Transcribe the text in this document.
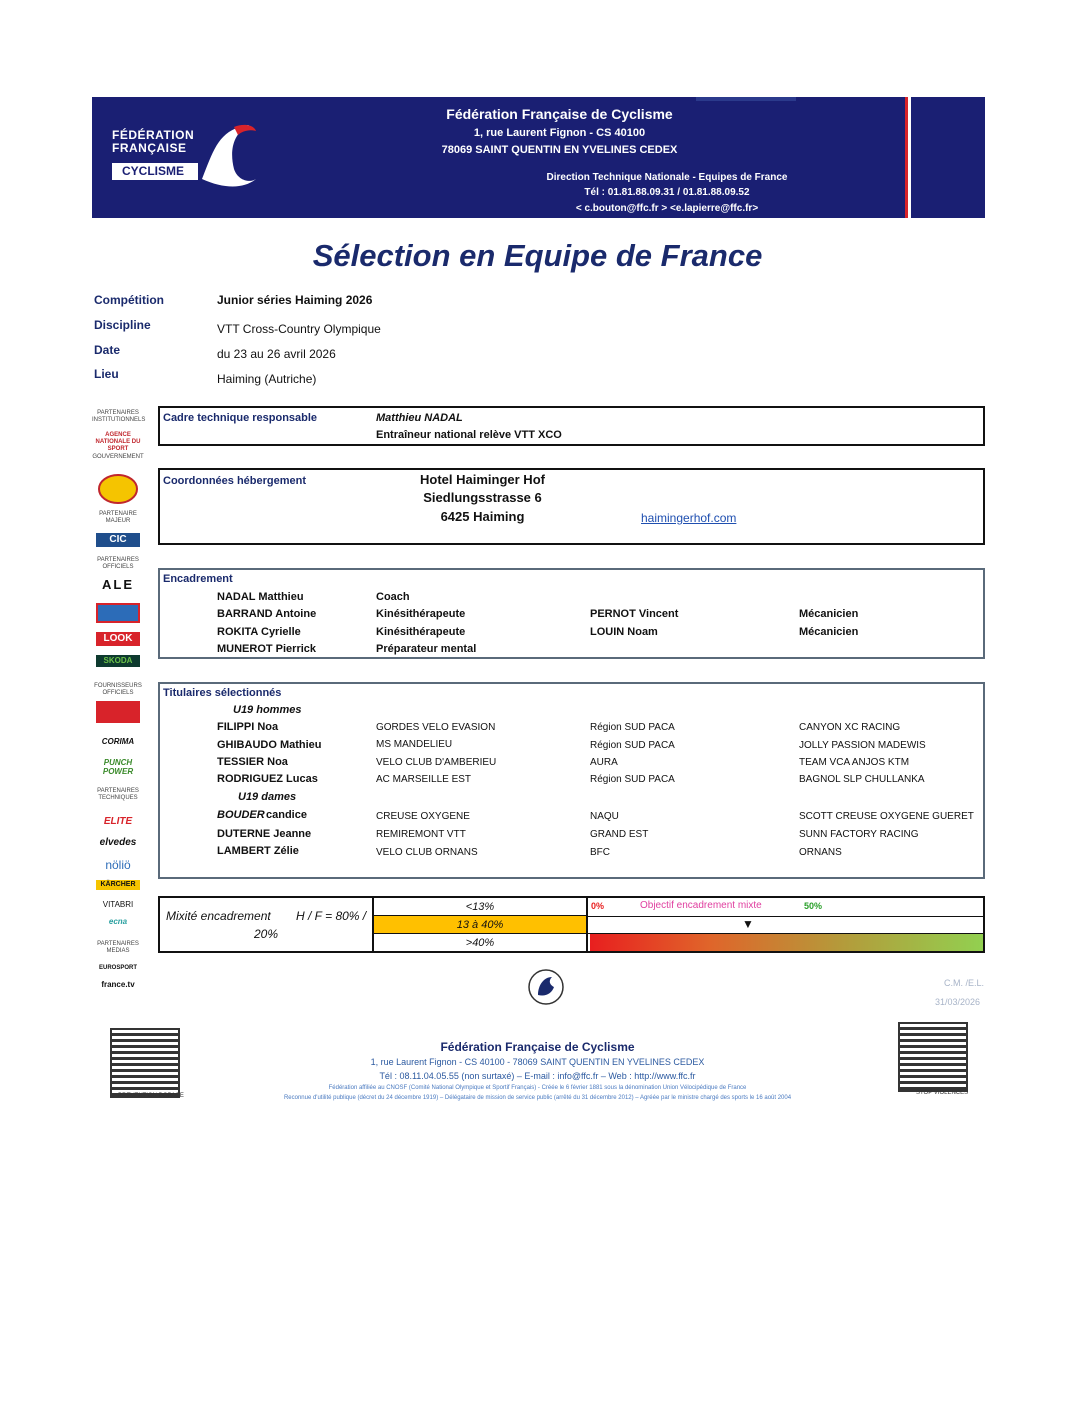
FÉDÉRATION
FRANÇAISE
CYCLISME
Fédération Française de Cyclisme
1, rue Laurent Fignon - CS 40100
78069 SAINT QUENTIN EN YVELINES CEDEX
Direction Technique Nationale - Equipes de France
Tél : 01.81.88.09.31 / 01.81.88.09.52
< c.bouton@ffc.fr > <e.lapierre@ffc.fr>
Sélection en Equipe de France
Compétition	Junior séries Haiming 2026
Discipline	VTT Cross-Country Olympique
Date	du 23 au 26 avril 2026
Lieu	Haiming (Autriche)
PARTENAIRES INSTITUTIONNELS
AGENCE NATIONALE DU SPORT
GOUVERNEMENT
PARTENAIRE MAJEUR
CIC
PARTENAIRES OFFICIELS
ALE
LOOK
SKODA
FOURNISSEURS OFFICIELS
CORIMA
PUNCH POWER
PARTENAIRES TECHNIQUES
ELITE
elvedes
nöliö
KÄRCHER
VITABRI
ecna
PARTENAIRES MEDIAS
EUROSPORT
france.tv
Cadre technique responsable	Matthieu NADAL
Entraîneur national relève VTT XCO
Coordonnées hébergement	Hotel Haiminger Hof
Siedlungsstrasse 6
6425 Haiming	haimingerhof.com
Encadrement
NADAL Matthieu	Coach
BARRAND Antoine	Kinésithérapeute	PERNOT Vincent	Mécanicien
ROKITA Cyrielle	Kinésithérapeute	LOUIN Noam	Mécanicien
MUNEROT Pierrick	Préparateur mental
Titulaires sélectionnés
U19 hommes
FILIPPI Noa	GORDES VELO EVASION	Région SUD PACA	CANYON XC RACING
GHIBAUDO Mathieu	MS MANDELIEU	Région SUD PACA	JOLLY PASSION MADEWIS
TESSIER Noa	VELO CLUB D'AMBERIEU	AURA	TEAM VCA ANJOS KTM
RODRIGUEZ Lucas	AC MARSEILLE EST	Région SUD PACA	BAGNOL SLP CHULLANKA
U19 dames
BOUDER candice	CREUSE OXYGENE	NAQU	SCOTT CREUSE OXYGENE GUERET
DUTERNE Jeanne	REMIREMONT VTT	GRAND EST	SUNN FACTORY RACING
LAMBERT Zélie	VELO CLUB ORNANS	BFC	ORNANS
Mixité encadrement H / F = 80% /
20%
<13%
13 à 40%
>40%
0%	Objectif encadrement mixte	50%
▼
C.M. /E.L.
31/03/2026
PREVENTION DOPAGE	STOP VIOLENCES
Fédération Française de Cyclisme
1, rue Laurent Fignon - CS 40100 - 78069 SAINT QUENTIN EN YVELINES CEDEX
Tél : 08.11.04.05.55 (non surtaxé) – E-mail : info@ffc.fr – Web : http://www.ffc.fr
Fédération affiliée au CNOSF (Comité National Olympique et Sportif Français) - Créée le 6 février 1881 sous la dénomination Union Vélocipédique de France
Reconnue d'utilité publique (décret du 24 décembre 1919) – Délégataire de mission de service public (arrêté du 31 décembre 2012) – Agréée par le ministre chargé des sports le 16 août 2004
